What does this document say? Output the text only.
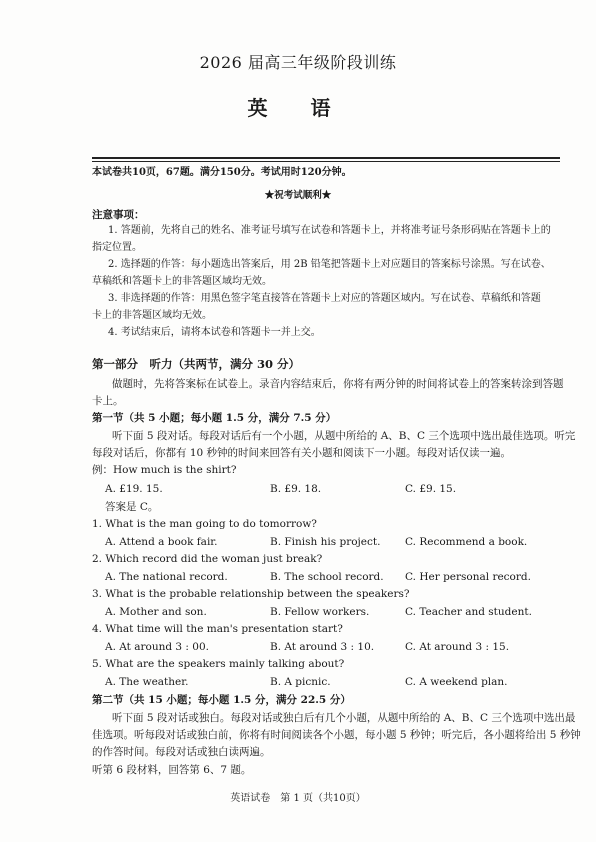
2026 届高三年级阶段训练
英 语
本试卷共10页，67题。满分150分。考试用时120分钟。
★祝考试顺利★
注意事项：
1. 答题前，先将自己的姓名、准考证号填写在试卷和答题卡上，并将准考证号条形码贴在答题卡上的
指定位置。
2. 选择题的作答：每小题选出答案后，用 2B 铅笔把答题卡上对应题目的答案标号涂黑。写在试卷、
草稿纸和答题卡上的非答题区域均无效。
3. 非选择题的作答：用黑色签字笔直接答在答题卡上对应的答题区域内。写在试卷、草稿纸和答题
卡上的非答题区域均无效。
4. 考试结束后，请将本试卷和答题卡一并上交。
第一部分　听力（共两节，满分 30 分）
做题时，先将答案标在试卷上。录音内容结束后，你将有两分钟的时间将试卷上的答案转涂到答题
卡上。
第一节（共 5 小题；每小题 1.5 分，满分 7.5 分）
听下面 5 段对话。每段对话后有一个小题，从题中所给的 A、B、C 三个选项中选出最佳选项。听完
每段对话后，你都有 10 秒钟的时间来回答有关小题和阅读下一小题。每段对话仅读一遍。
例：How much is the shirt?
A. £19. 15.	B. £9. 18.	C. £9. 15.
答案是 C。
1. What is the man going to do tomorrow?
A. Attend a book fair.	B. Finish his project. C. Recommend a book.
2. Which record did the woman just break?
A. The national record.	B. The school record. C. Her personal record.
3. What is the probable relationship between the speakers?
A. Mother and son.	B. Fellow workers.	C. Teacher and student.
4. What time will the man's presentation start?
A. At around 3 : 00.	B. At around 3 : 10.	C. At around 3 : 15.
5. What are the speakers mainly talking about?
A. The weather.	B. A picnic.	C. A weekend plan.
第二节（共 15 小题；每小题 1.5 分，满分 22.5 分）
听下面 5 段对话或独白。每段对话或独白后有几个小题，从题中所给的 A、B、C 三个选项中选出最
佳选项。听每段对话或独白前，你将有时间阅读各个小题，每小题 5 秒钟；听完后，各小题将给出 5 秒钟
的作答时间。每段对话或独白读两遍。
听第 6 段材料，回答第 6、7 题。
英语试卷　第 1 页（共10页）
